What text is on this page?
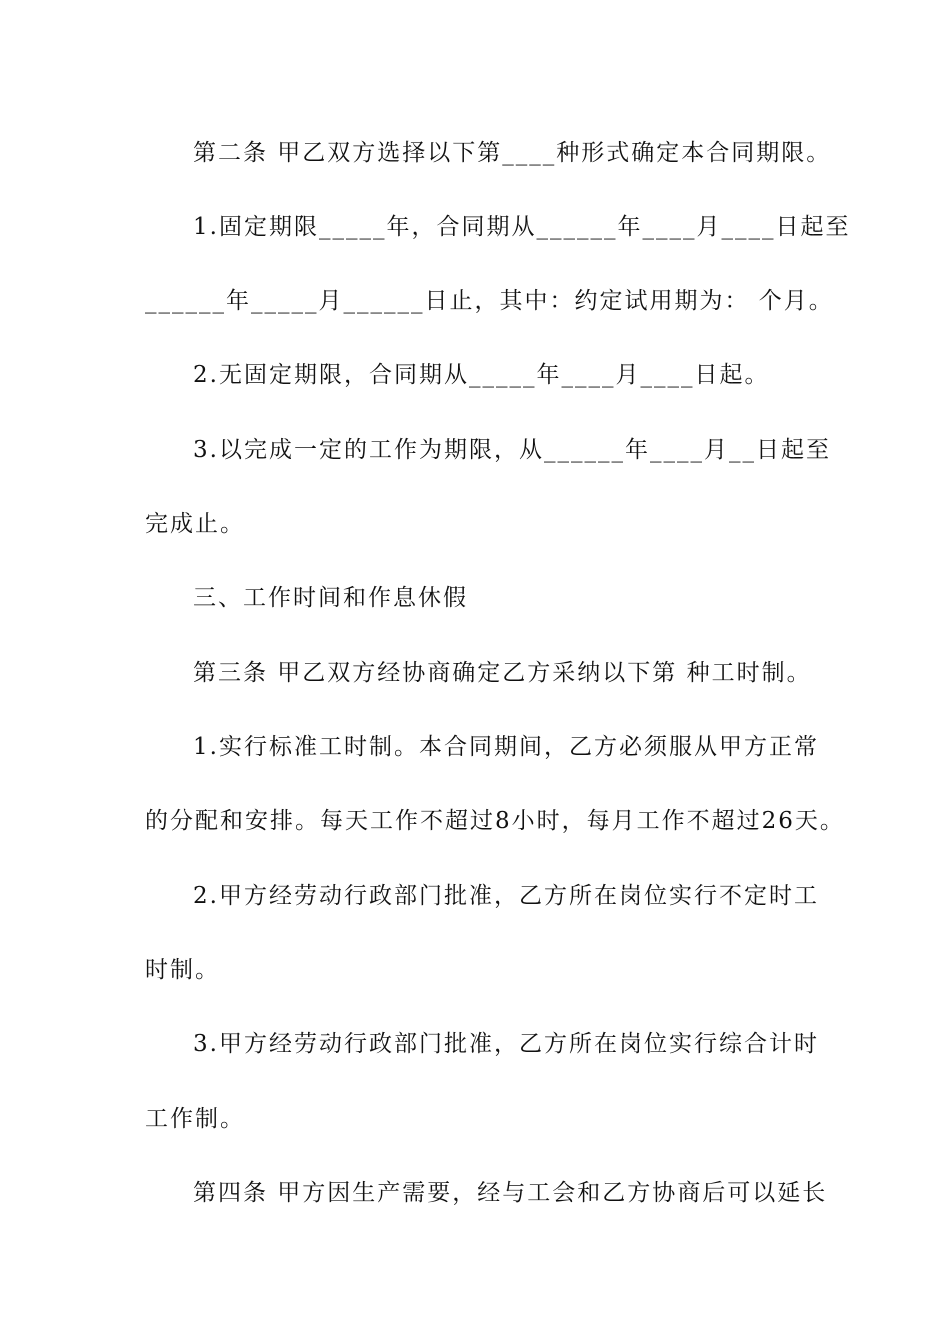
第二条 甲乙双方选择以下第____种形式确定本合同期限。
1.固定期限_____年，合同期从______年____月____日起至
______年_____月______日止，其中：约定试用期为： 个月。
2.无固定期限，合同期从_____年____月____日起。
3.以完成一定的工作为期限，从______年____月__日起至
完成止。
三、工作时间和作息休假
第三条 甲乙双方经协商确定乙方采纳以下第 种工时制。
1.实行标准工时制。本合同期间，乙方必须服从甲方正常
的分配和安排。每天工作不超过8小时，每月工作不超过26天。
2.甲方经劳动行政部门批准，乙方所在岗位实行不定时工
时制。
3.甲方经劳动行政部门批准，乙方所在岗位实行综合计时
工作制。
第四条 甲方因生产需要，经与工会和乙方协商后可以延长
